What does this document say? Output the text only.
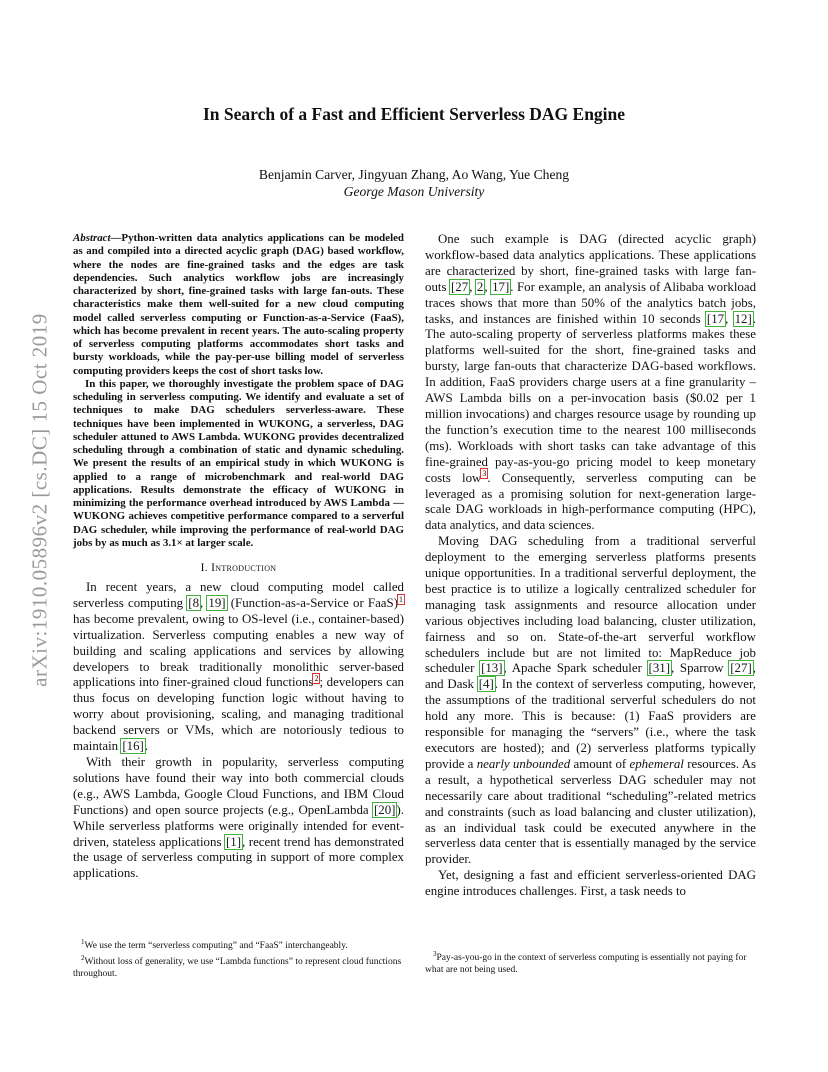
arXiv:1910.05896v2 [cs.DC] 15 Oct 2019
In Search of a Fast and Efficient Serverless DAG Engine
Benjamin Carver, Jingyuan Zhang, Ao Wang, Yue Cheng
George Mason University

Abstract—Python-written data analytics applications can be modeled as and compiled into a directed acyclic graph (DAG) based workflow, where the nodes are fine-grained tasks and the edges are task dependencies. Such analytics workflow jobs are increasingly characterized by short, fine-grained tasks with large fan-outs. These characteristics make them well-suited for a new cloud computing model called serverless computing or Function-as-a-Service (FaaS), which has become prevalent in recent years. The auto-scaling property of serverless computing platforms accommodates short tasks and bursty workloads, while the pay-per-use billing model of serverless computing providers keeps the cost of short tasks low.

In this paper, we thoroughly investigate the problem space of DAG scheduling in serverless computing. We identify and evaluate a set of techniques to make DAG schedulers serverless-aware. These techniques have been implemented in WUKONG, a serverless, DAG scheduler attuned to AWS Lambda. WUKONG provides decentralized scheduling through a combination of static and dynamic scheduling. We present the results of an empirical study in which WUKONG is applied to a range of microbenchmark and real-world DAG applications. Results demonstrate the efficacy of WUKONG in minimizing the performance overhead introduced by AWS Lambda — WUKONG achieves competitive performance compared to a serverful DAG scheduler, while improving the performance of real-world DAG jobs by as much as 3.1× at larger scale.

I. Introduction

In recent years, a new cloud computing model called serverless computing [8, 19] (Function-as-a-Service or FaaS)$^1$ has become prevalent, owing to OS-level (i.e., container-based) virtualization. Serverless computing enables a new way of building and scaling applications and services by allowing developers to break traditionally monolithic server-based applications into finer-grained cloud functions$^2$; developers can thus focus on developing function logic without having to worry about provisioning, scaling, and managing traditional backend servers or VMs, which are notoriously tedious to maintain [16].

With their growth in popularity, serverless computing solutions have found their way into both commercial clouds (e.g., AWS Lambda, Google Cloud Functions, and IBM Cloud Functions) and open source projects (e.g., OpenLambda [20]). While serverless platforms were originally intended for event-driven, stateless applications [1], recent trend has demonstrated the usage of serverless computing in support of more complex applications.

One such example is DAG (directed acyclic graph) workflow-based data analytics applications. These applications are characterized by short, fine-grained tasks with large fan-outs [27, 2, 17]. For example, an analysis of Alibaba workload traces shows that more than 50% of the analytics batch jobs, tasks, and instances are finished within 10 seconds [17, 12]. The auto-scaling property of serverless platforms makes these platforms well-suited for the short, fine-grained tasks and bursty, large fan-outs that characterize DAG-based workflows. In addition, FaaS providers charge users at a fine granularity – AWS Lambda bills on a per-invocation basis ($0.02 per 1 million invocations) and charges resource usage by rounding up the function’s execution time to the nearest 100 milliseconds (ms). Workloads with short tasks can take advantage of this fine-grained pay-as-you-go pricing model to keep monetary costs low$^3$. Consequently, serverless computing can be leveraged as a promising solution for next-generation large-scale DAG workloads in high-performance computing (HPC), data analytics, and data sciences.

Moving DAG scheduling from a traditional serverful deployment to the emerging serverless platforms presents unique opportunities. In a traditional serverful deployment, the best practice is to utilize a logically centralized scheduler for managing task assignments and resource allocation under various objectives including load balancing, cluster utilization, fairness and so on. State-of-the-art serverful workflow schedulers include but are not limited to: MapReduce job scheduler [13], Apache Spark scheduler [31], Sparrow [27], and Dask [4]. In the context of serverless computing, however, the assumptions of the traditional serverful schedulers do not hold any more. This is because: (1) FaaS providers are responsible for managing the “servers” (i.e., where the task executors are hosted); and (2) serverless platforms typically provide a nearly unbounded amount of ephemeral resources. As a result, a hypothetical serverless DAG scheduler may not necessarily care about traditional “scheduling”-related metrics and constraints (such as load balancing and cluster utilization), as an individual task could be executed anywhere in the serverless data center that is essentially managed by the service provider.

Yet, designing a fast and efficient serverless-oriented DAG engine introduces challenges. First, a task needs to

$^1$We use the term “serverless computing” and “FaaS” interchangeably.

$^2$Without loss of generality, we use “Lambda functions” to represent cloud functions throughout.

$^3$Pay-as-you-go in the context of serverless computing is essentially not paying for what are not being used.
